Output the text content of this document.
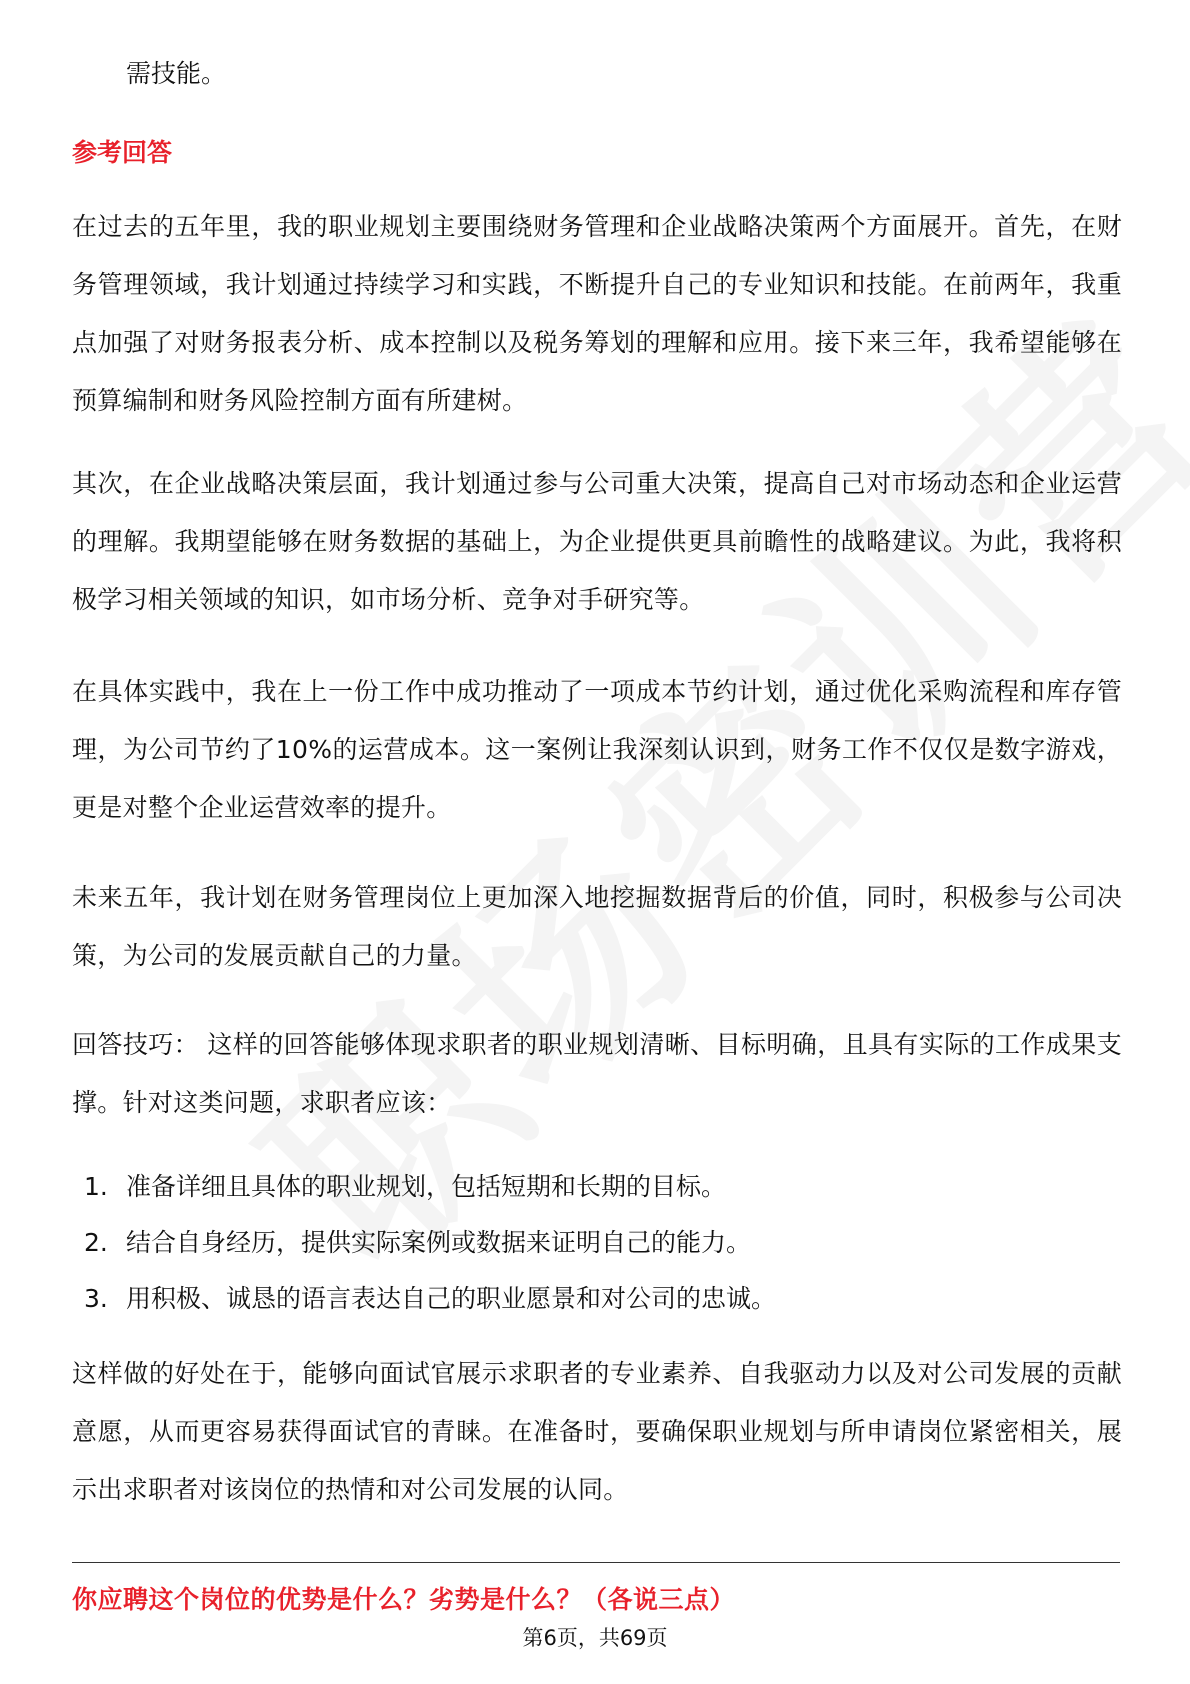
需技能。
参考回答
在过去的五年里，我的职业规划主要围绕财务管理和企业战略决策两个方面展开。首先，在财务管理领域，我计划通过持续学习和实践，不断提升自己的专业知识和技能。在前两年，我重点加强了对财务报表分析、成本控制以及税务筹划的理解和应用。接下来三年，我希望能够在预算编制和财务风险控制方面有所建树。
其次，在企业战略决策层面，我计划通过参与公司重大决策，提高自己对市场动态和企业运营的理解。我期望能够在财务数据的基础上，为企业提供更具前瞻性的战略建议。为此，我将积极学习相关领域的知识，如市场分析、竞争对手研究等。
在具体实践中，我在上一份工作中成功推动了一项成本节约计划，通过优化采购流程和库存管理，为公司节约了10%的运营成本。这一案例让我深刻认识到，财务工作不仅仅是数字游戏，更是对整个企业运营效率的提升。
未来五年，我计划在财务管理岗位上更加深入地挖掘数据背后的价值，同时，积极参与公司决策，为公司的发展贡献自己的力量。
回答技巧： 这样的回答能够体现求职者的职业规划清晰、目标明确，且具有实际的工作成果支撑。针对这类问题，求职者应该：
1. 准备详细且具体的职业规划，包括短期和长期的目标。
2. 结合自身经历，提供实际案例或数据来证明自己的能力。
3. 用积极、诚恳的语言表达自己的职业愿景和对公司的忠诚。
这样做的好处在于，能够向面试官展示求职者的专业素养、自我驱动力以及对公司发展的贡献意愿，从而更容易获得面试官的青睐。在准备时，要确保职业规划与所申请岗位紧密相关，展示出求职者对该岗位的热情和对公司发展的认同。
你应聘这个岗位的优势是什么？劣势是什么？（各说三点）
第6页，共69页
